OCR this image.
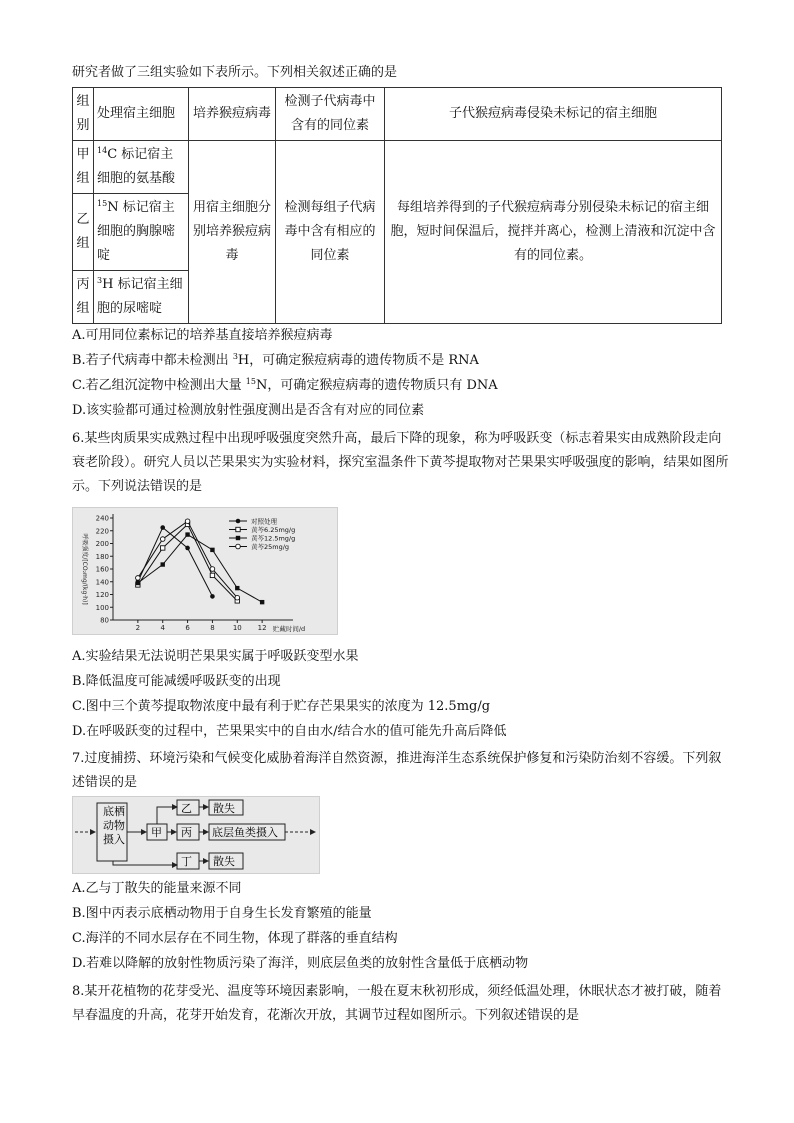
研究者做了三组实验如下表所示。下列相关叙述正确的是
组别	处理宿主细胞	培养猴痘病毒	检测子代病毒中含有的同位素	子代猴痘病毒侵染未标记的宿主细胞
甲组	$^{14}$C 标记宿主细胞的氨基酸	用宿主细胞分别培养猴痘病毒	检测每组子代病毒中含有相应的同位素	每组培养得到的子代猴痘病毒分别侵染未标记的宿主细胞，短时间保温后，搅拌并离心，检测上清液和沉淀中含有的同位素。
乙组	$^{15}$N 标记宿主细胞的胸腺嘧啶			
丙组	$^3$H 标记宿主细胞的尿嘧啶			
A.可用同位素标记的培养基直接培养猴痘病毒
B.若子代病毒中都未检测出 $^3$H，可确定猴痘病毒的遗传物质不是 RNA
C.若乙组沉淀物中检测出大量 $^{15}$N，可确定猴痘病毒的遗传物质只有 DNA
D.该实验都可通过检测放射性强度测出是否含有对应的同位素
6.某些肉质果实成熟过程中出现呼吸强度突然升高，最后下降的现象，称为呼吸跃变（标志着果实由成熟阶段走向衰老阶段）。研究人员以芒果果实为实验材料，探究室温条件下黄芩提取物对芒果果实呼吸强度的影响，结果如图所示。下列说法错误的是
80
100
120
140
160
180
200
220
240
2	4	6	8	10 12 贮藏时间/d
呼吸强度/[CO₂mg/(kg·h)]
对照处理
黄芩6.25mg/g
黄芩12.5mg/g
黄芩25mg/g
A.实验结果无法说明芒果果实属于呼吸跃变型水果
B.降低温度可能减缓呼吸跃变的出现
C.图中三个黄芩提取物浓度中最有利于贮存芒果果实的浓度为 12.5mg/g
D.在呼吸跃变的过程中，芒果果实中的自由水/结合水的值可能先升高后降低
7.过度捕捞、环境污染和气候变化威胁着海洋自然资源，推进海洋生态系统保护修复和污染防治刻不容缓。下列叙述错误的是
底栖动物摄入
甲
乙 散失
丙 底层鱼类摄入
丁 散失
A.乙与丁散失的能量来源不同
B.图中丙表示底栖动物用于自身生长发育繁殖的能量
C.海洋的不同水层存在不同生物，体现了群落的垂直结构
D.若难以降解的放射性物质污染了海洋，则底层鱼类的放射性含量低于底栖动物
8.某开花植物的花芽受光、温度等环境因素影响，一般在夏末秋初形成，须经低温处理，休眠状态才被打破，随着早春温度的升高，花芽开始发育，花渐次开放，其调节过程如图所示。下列叙述错误的是
